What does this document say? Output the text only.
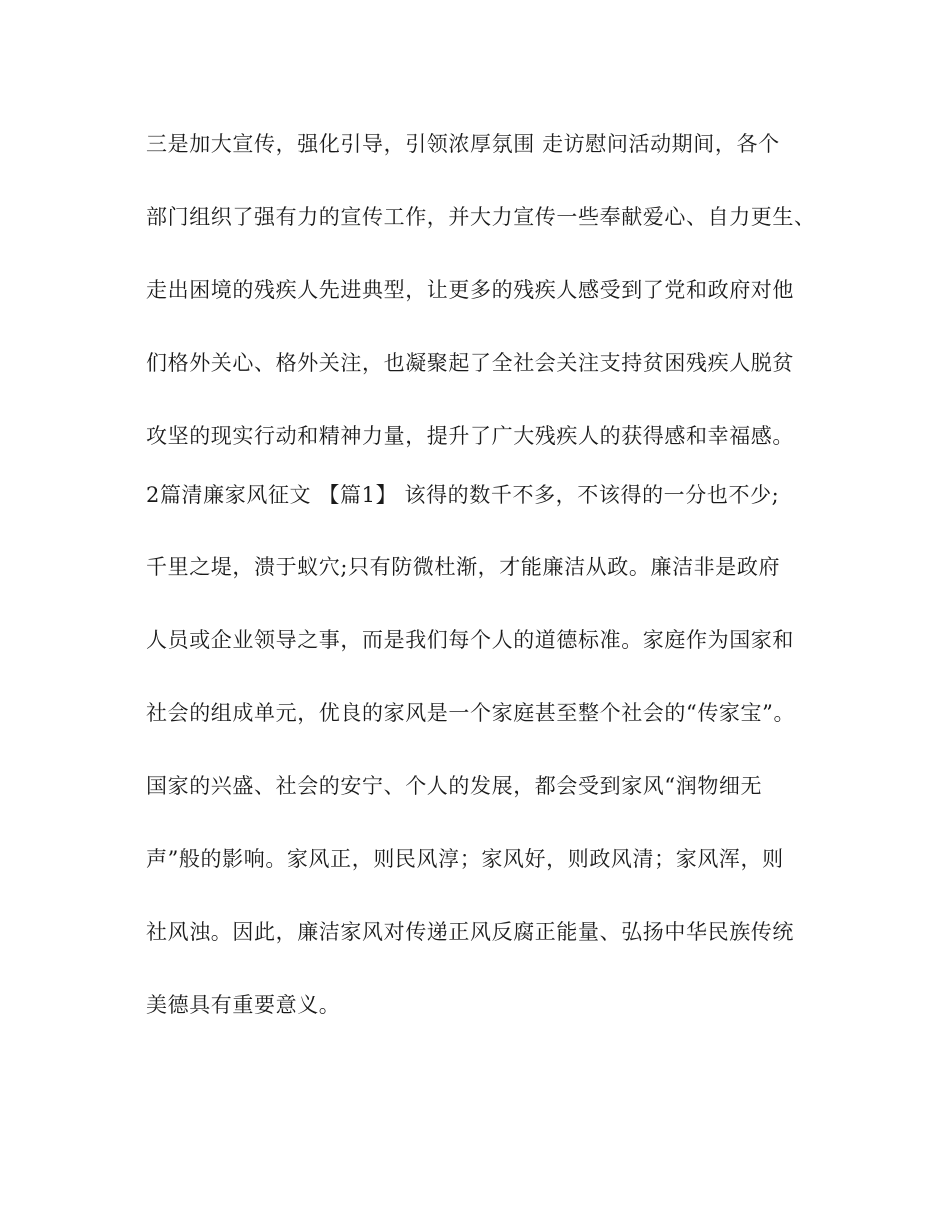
三是加大宣传，强化引导，引领浓厚氛围 走访慰问活动期间，各个
部门组织了强有力的宣传工作，并大力宣传一些奉献爱心、自力更生、
走出困境的残疾人先进典型，让更多的残疾人感受到了党和政府对他
们格外关心、格外关注，也凝聚起了全社会关注支持贫困残疾人脱贫
攻坚的现实行动和精神力量，提升了广大残疾人的获得感和幸福感。
2篇清廉家风征文 【篇1】 该得的数千不多，不该得的一分也不少;
千里之堤，溃于蚁穴;只有防微杜渐，才能廉洁从政。廉洁非是政府
人员或企业领导之事，而是我们每个人的道德标准。家庭作为国家和
社会的组成单元，优良的家风是一个家庭甚至整个社会的“传家宝”。
国家的兴盛、社会的安宁、个人的发展，都会受到家风“润物细无
声”般的影响。家风正，则民风淳；家风好，则政风清；家风浑，则
社风浊。因此，廉洁家风对传递正风反腐正能量、弘扬中华民族传统
美德具有重要意义。
